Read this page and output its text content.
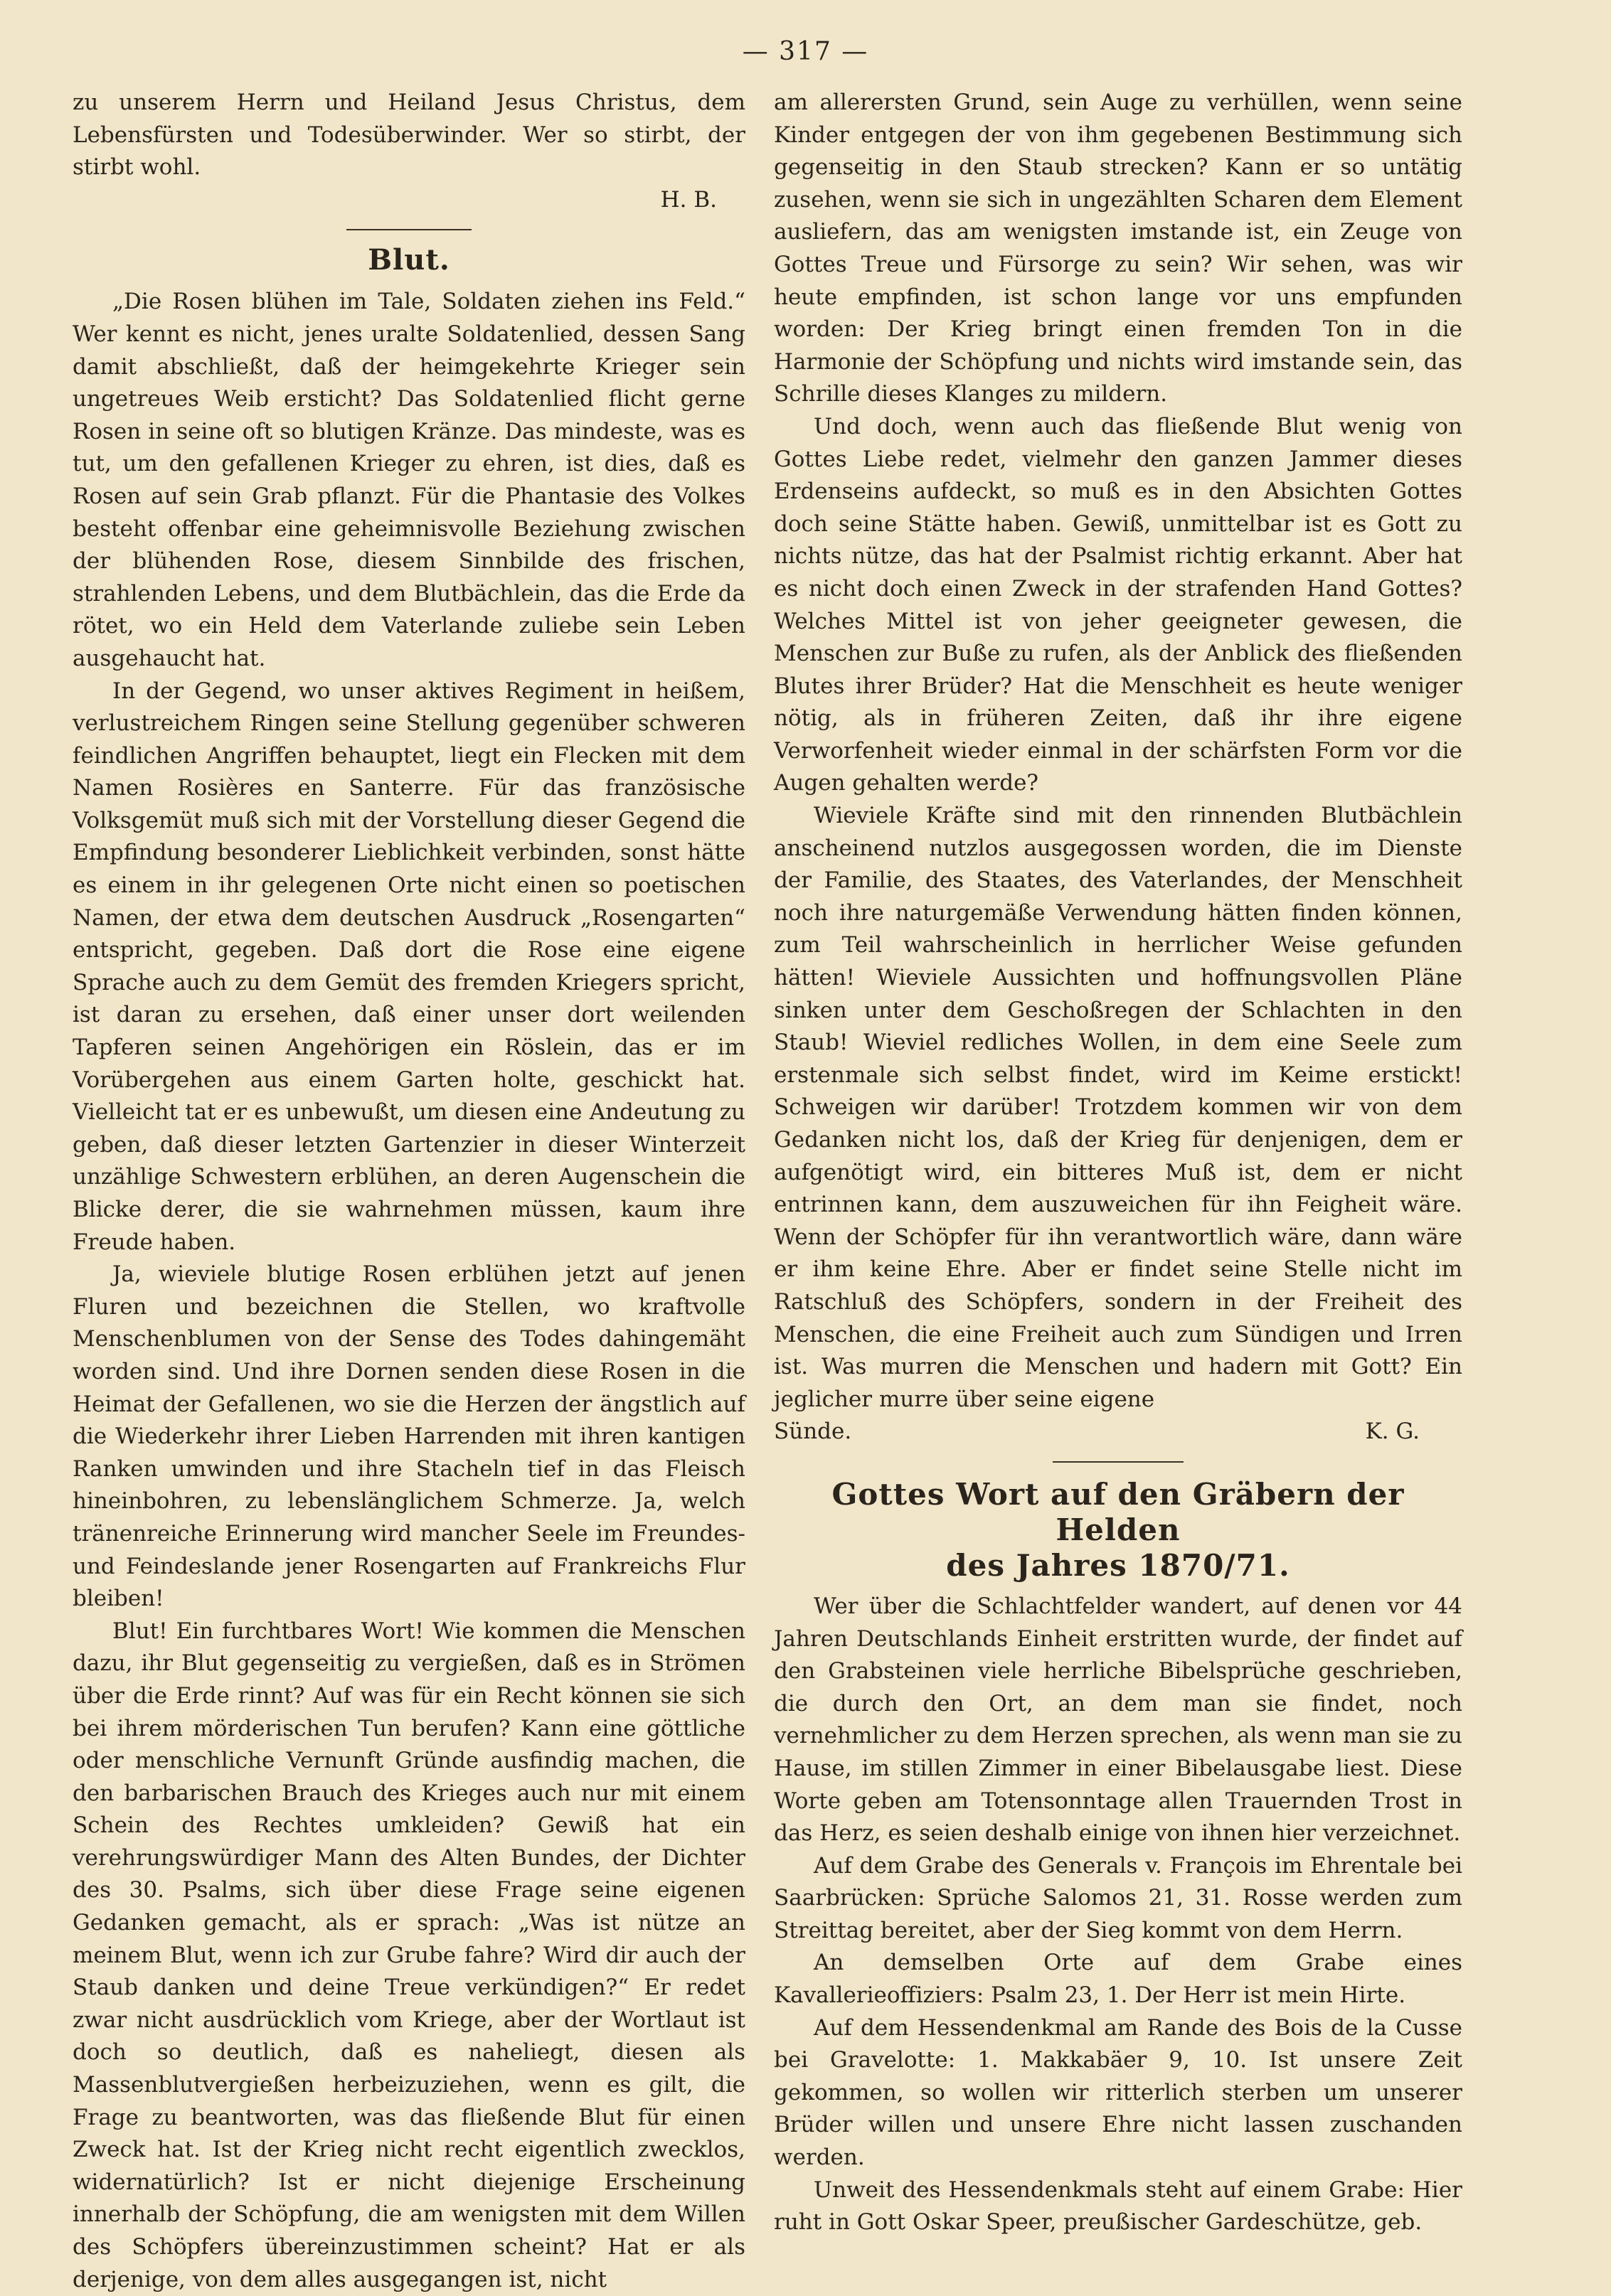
— 317 —

zu unserem Herrn und Heiland Jesus Christus, dem Lebensfürsten und Todesüberwinder. Wer so stirbt, der stirbt wohl.

H. B.
Blut.

„Die Rosen blühen im Tale, Soldaten ziehen ins Feld.“ Wer kennt es nicht, jenes uralte Soldatenlied, dessen Sang damit abschließt, daß der heimgekehrte Krieger sein ungetreues Weib ersticht? Das Soldatenlied flicht gerne Rosen in seine oft so blutigen Kränze. Das mindeste, was es tut, um den gefallenen Krieger zu ehren, ist dies, daß es Rosen auf sein Grab pflanzt. Für die Phantasie des Volkes besteht offenbar eine geheimnisvolle Beziehung zwischen der blühenden Rose, diesem Sinnbilde des frischen, strahlenden Lebens, und dem Blutbächlein, das die Erde da rötet, wo ein Held dem Vaterlande zuliebe sein Leben ausgehaucht hat.

In der Gegend, wo unser aktives Regiment in heißem, verlustreichem Ringen seine Stellung gegenüber schweren feindlichen Angriffen behauptet, liegt ein Flecken mit dem Namen Rosières en Santerre. Für das französische Volksgemüt muß sich mit der Vorstellung dieser Gegend die Empfindung besonderer Lieblichkeit verbinden, sonst hätte es einem in ihr gelegenen Orte nicht einen so poetischen Namen, der etwa dem deutschen Ausdruck „Rosengarten“ entspricht, gegeben. Daß dort die Rose eine eigene Sprache auch zu dem Gemüt des fremden Kriegers spricht, ist daran zu ersehen, daß einer unser dort weilenden Tapferen seinen Angehörigen ein Röslein, das er im Vorübergehen aus einem Garten holte, geschickt hat. Vielleicht tat er es unbewußt, um diesen eine Andeutung zu geben, daß dieser letzten Gartenzier in dieser Winterzeit unzählige Schwestern erblühen, an deren Augenschein die Blicke derer, die sie wahrnehmen müssen, kaum ihre Freude haben.

Ja, wieviele blutige Rosen erblühen jetzt auf jenen Fluren und bezeichnen die Stellen, wo kraftvolle Menschenblumen von der Sense des Todes dahingemäht worden sind. Und ihre Dornen senden diese Rosen in die Heimat der Gefallenen, wo sie die Herzen der ängstlich auf die Wiederkehr ihrer Lieben Harrenden mit ihren kantigen Ranken umwinden und ihre Stacheln tief in das Fleisch hineinbohren, zu lebenslänglichem Schmerze. Ja, welch tränenreiche Erinnerung wird mancher Seele im Freundes- und Feindeslande jener Rosengarten auf Frankreichs Flur bleiben!

Blut! Ein furchtbares Wort! Wie kommen die Menschen dazu, ihr Blut gegenseitig zu vergießen, daß es in Strömen über die Erde rinnt? Auf was für ein Recht können sie sich bei ihrem mörderischen Tun berufen? Kann eine göttliche oder menschliche Vernunft Gründe ausfindig machen, die den barbarischen Brauch des Krieges auch nur mit einem Schein des Rechtes umkleiden? Gewiß hat ein verehrungswürdiger Mann des Alten Bundes, der Dichter des 30. Psalms, sich über diese Frage seine eigenen Gedanken gemacht, als er sprach: „Was ist nütze an meinem Blut, wenn ich zur Grube fahre? Wird dir auch der Staub danken und deine Treue verkündigen?“ Er redet zwar nicht ausdrücklich vom Kriege, aber der Wortlaut ist doch so deutlich, daß es naheliegt, diesen als Massenblutvergießen herbeizuziehen, wenn es gilt, die Frage zu beantworten, was das fließende Blut für einen Zweck hat. Ist der Krieg nicht recht eigentlich zwecklos, widernatürlich? Ist er nicht diejenige Erscheinung innerhalb der Schöpfung, die am wenigsten mit dem Willen des Schöpfers übereinzustimmen scheint? Hat er als derjenige, von dem alles ausgegangen ist, nicht

am allerersten Grund, sein Auge zu verhüllen, wenn seine Kinder entgegen der von ihm gegebenen Bestimmung sich gegenseitig in den Staub strecken? Kann er so untätig zusehen, wenn sie sich in ungezählten Scharen dem Element ausliefern, das am wenigsten imstande ist, ein Zeuge von Gottes Treue und Fürsorge zu sein? Wir sehen, was wir heute empfinden, ist schon lange vor uns empfunden worden: Der Krieg bringt einen fremden Ton in die Harmonie der Schöpfung und nichts wird imstande sein, das Schrille dieses Klanges zu mildern.

Und doch, wenn auch das fließende Blut wenig von Gottes Liebe redet, vielmehr den ganzen Jammer dieses Erdenseins aufdeckt, so muß es in den Absichten Gottes doch seine Stätte haben. Gewiß, unmittelbar ist es Gott zu nichts nütze, das hat der Psalmist richtig erkannt. Aber hat es nicht doch einen Zweck in der strafenden Hand Gottes? Welches Mittel ist von jeher geeigneter gewesen, die Menschen zur Buße zu rufen, als der Anblick des fließenden Blutes ihrer Brüder? Hat die Menschheit es heute weniger nötig, als in früheren Zeiten, daß ihr ihre eigene Verworfenheit wieder einmal in der schärfsten Form vor die Augen gehalten werde?

Wieviele Kräfte sind mit den rinnenden Blutbächlein anscheinend nutzlos ausgegossen worden, die im Dienste der Familie, des Staates, des Vaterlandes, der Menschheit noch ihre naturgemäße Verwendung hätten finden können, zum Teil wahrscheinlich in herrlicher Weise gefunden hätten! Wieviele Aussichten und hoffnungsvollen Pläne sinken unter dem Geschoßregen der Schlachten in den Staub! Wieviel redliches Wollen, in dem eine Seele zum erstenmale sich selbst findet, wird im Keime erstickt! Schweigen wir darüber! Trotzdem kommen wir von dem Gedanken nicht los, daß der Krieg für denjenigen, dem er aufgenötigt wird, ein bitteres Muß ist, dem er nicht entrinnen kann, dem auszuweichen für ihn Feigheit wäre. Wenn der Schöpfer für ihn verantwortlich wäre, dann wäre er ihm keine Ehre. Aber er findet seine Stelle nicht im Ratschluß des Schöpfers, sondern in der Freiheit des Menschen, die eine Freiheit auch zum Sündigen und Irren ist. Was murren die Menschen und hadern mit Gott? Ein jeglicher murre über seine eigene

Sünde.	K. G.
Gottes Wort auf den Gräbern der Helden
des Jahres 1870/71.

Wer über die Schlachtfelder wandert, auf denen vor 44 Jahren Deutschlands Einheit erstritten wurde, der findet auf den Grabsteinen viele herrliche Bibelsprüche geschrieben, die durch den Ort, an dem man sie findet, noch vernehmlicher zu dem Herzen sprechen, als wenn man sie zu Hause, im stillen Zimmer in einer Bibelausgabe liest. Diese Worte geben am Totensonntage allen Trauernden Trost in das Herz, es seien deshalb einige von ihnen hier verzeichnet.

Auf dem Grabe des Generals v. François im Ehrentale bei Saarbrücken: Sprüche Salomos 21, 31. Rosse werden zum Streittag bereitet, aber der Sieg kommt von dem Herrn.

An demselben Orte auf dem Grabe eines Kavallerieoffiziers: Psalm 23, 1. Der Herr ist mein Hirte.

Auf dem Hessendenkmal am Rande des Bois de la Cusse bei Gravelotte: 1. Makkabäer 9, 10. Ist unsere Zeit gekommen, so wollen wir ritterlich sterben um unserer Brüder willen und unsere Ehre nicht lassen zuschanden werden.

Unweit des Hessendenkmals steht auf einem Grabe: Hier ruht in Gott Oskar Speer, preußischer Gardeschütze, geb.
